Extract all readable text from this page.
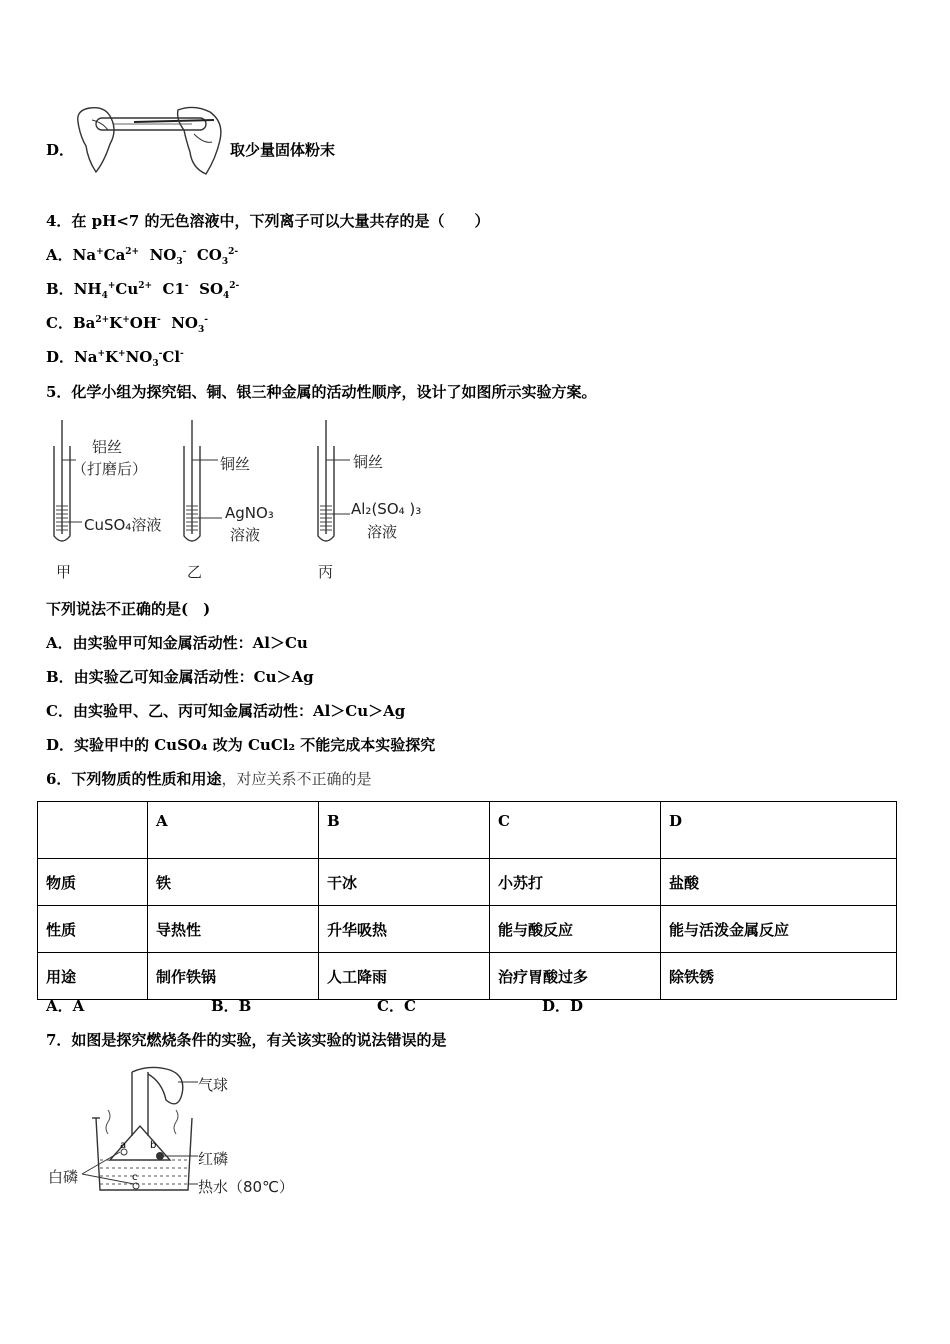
D．	取少量固体粉末
4．在 pH<7 的无色溶液中，下列离子可以大量共存的是（　　）
A．$Na^+Ca^{2+}$ $NO_3^-$ $CO_3^{2-}$
B．$NH_4^+Cu^{2+}$ C1- $SO_4^{2-}$
C．$Ba^{2+}K^+OH^-$ $NO_3^-$
D．$Na^+K^+NO_3^-Cl^-$
5．化学小组为探究铝、铜、银三种金属的活动性顺序，设计了如图所示实验方案。
铝丝
（打磨后）
CuSO₄溶液
甲
铜丝
AgNO₃
溶液
乙
铜丝
Al₂(SO₄ )₃
溶液
丙
下列说法不正确的是(　)
A．由实验甲可知金属活动性：Al＞Cu
B．由实验乙可知金属活动性：Cu＞Ag
C．由实验甲、乙、丙可知金属活动性：Al＞Cu＞Ag
D．实验甲中的 CuSO₄ 改为 CuCl₂ 不能完成本实验探究
6．下列物质的性质和用途，对应关系不正确的是
	A	B	C	D
物质	铁	干冰	小苏打	盐酸
性质	导热性	升华吸热	能与酸反应	能与活泼金属反应
用途	制作铁锅	人工降雨	治疗胃酸过多	除铁锈
A．A	B．B	C．C	D．D
7．如图是探究燃烧条件的实验，有关该实验的说法错误的是
a b
c
气球
红磷
白磷
热水（80℃）
